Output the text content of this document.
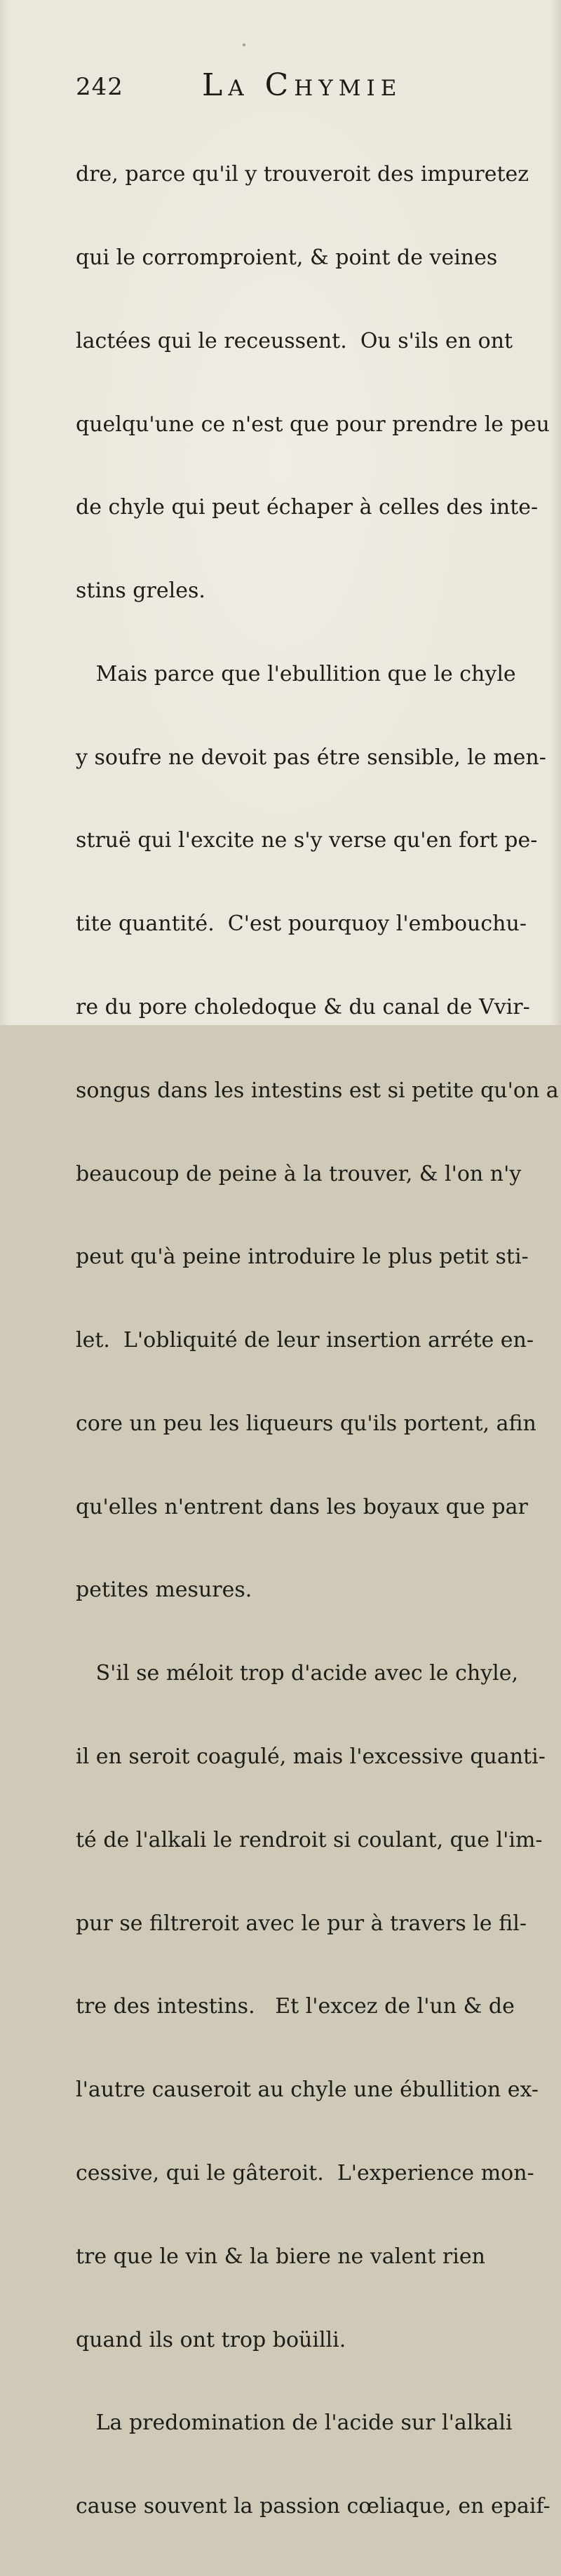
242	La Chymie

dre, parce qu'il y trouveroit des impuretez

qui le corromproient, & point de veines

lactées qui le receussent.  Ou s'ils en ont

quelqu'une ce n'est que pour prendre le peu

de chyle qui peut échaper à celles des inte-

stins greles.

Mais parce que l'ebullition que le chyle

y soufre ne devoit pas étre sensible, le men-

struë qui l'excite ne s'y verse qu'en fort pe-

tite quantité.  C'est pourquoy l'embouchu-

re du pore choledoque & du canal de Vvir-

songus dans les intestins est si petite qu'on a

beaucoup de peine à la trouver, & l'on n'y

peut qu'à peine introduire le plus petit sti-

let.  L'obliquité de leur insertion arréte en-

core un peu les liqueurs qu'ils portent, afin

qu'elles n'entrent dans les boyaux que par

petites mesures.

S'il se méloit trop d'acide avec le chyle,

il en seroit coagulé, mais l'excessive quanti-

té de l'alkali le rendroit si coulant, que l'im-

pur se filtreroit avec le pur à travers le fil-

tre des intestins.   Et l'excez de l'un & de

l'autre causeroit au chyle une ébullition ex-

cessive, qui le gâteroit.  L'experience mon-

tre que le vin & la biere ne valent rien

quand ils ont trop boüilli.

La predomination de l'acide sur l'alkali

cause souvent la passion cœliaque, en epaif-
